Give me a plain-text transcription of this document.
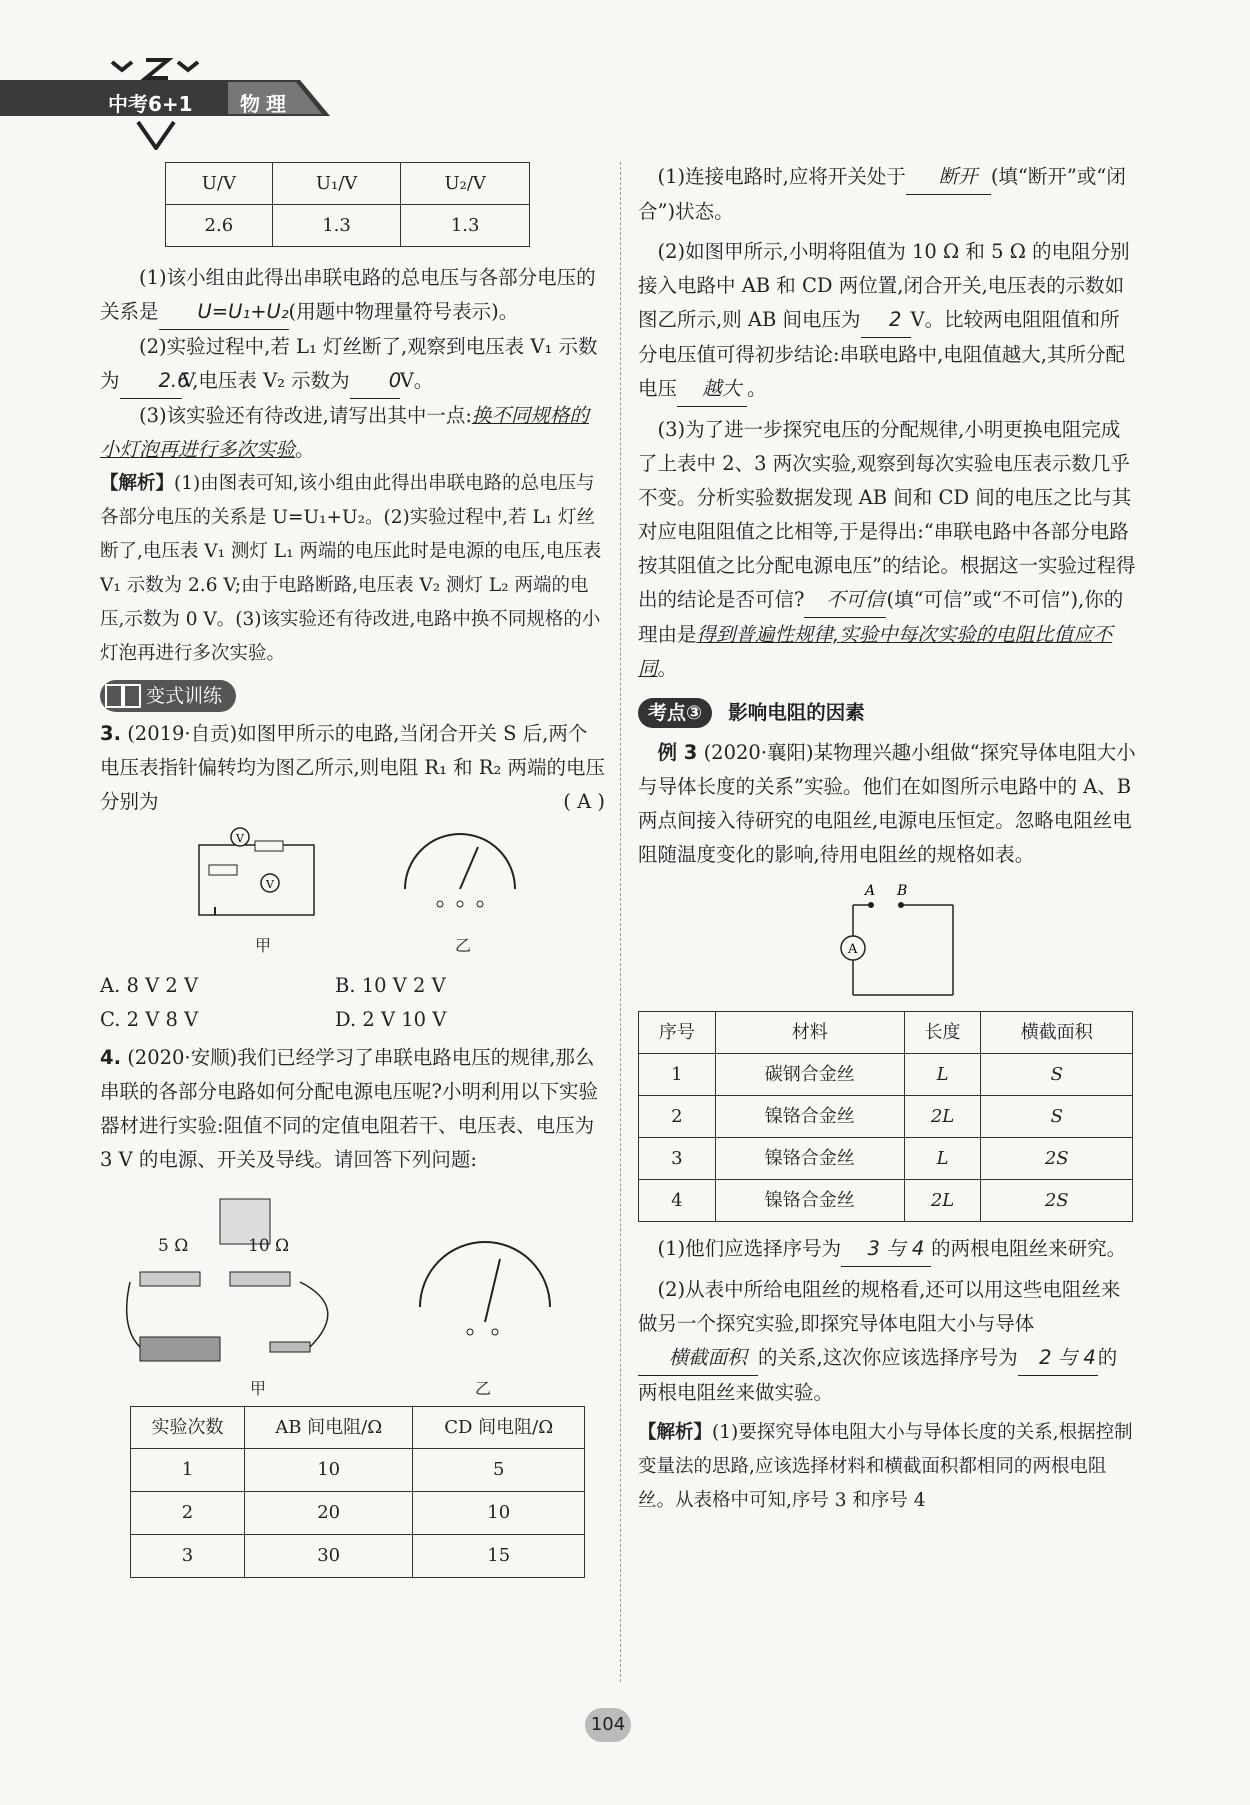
中考6+1 物理
U/V	U₁/V	U₂/V
2.6	1.3	1.3

(1)该小组由此得出串联电路的总电压与各部分电压的关系是 U=U₁+U₂(用题中物理量符号表示)。

(2)实验过程中,若 L₁ 灯丝断了,观察到电压表 V₁ 示数为 2.6V,电压表 V₂ 示数为 0V。

(3)该实验还有待改进,请写出其中一点:换不同规格的小灯泡再进行多次实验。

【解析】(1)由图表可知,该小组由此得出串联电路的总电压与各部分电压的关系是 U=U₁+U₂。(2)实验过程中,若 L₁ 灯丝断了,电压表 V₁ 测灯 L₁ 两端的电压此时是电源的电压,电压表 V₁ 示数为 2.6 V;由于电路断路,电压表 V₂ 测灯 L₂ 两端的电压,示数为 0 V。(3)该实验还有待改进,电路中换不同规格的小灯泡再进行多次实验。

变式训练

3. (2019·自贡)如图甲所示的电路,当闭合开关 S 后,两个电压表指针偏转均为图乙所示,则电阻 R₁ 和 R₂ 两端的电压分别为	( A )

V
V
甲	乙

A. 8 V 2 V	B. 10 V 2 V

C. 2 V 8 V	D. 2 V 10 V

4. (2020·安顺)我们已经学习了串联电路电压的规律,那么串联的各部分电路如何分配电源电压呢?小明利用以下实验器材进行实验:阻值不同的定值电阻若干、电压表、电压为 3 V 的电源、开关及导线。请回答下列问题:

5 Ω	10 Ω
甲	乙
实验次数	AB 间电阻/Ω	CD 间电阻/Ω
1	10	5
2	20	10
3	30	15

(1)连接电路时,应将开关处于 断开 (填“断开”或“闭合”)状态。

(2)如图甲所示,小明将阻值为 10 Ω 和 5 Ω 的电阻分别接入电路中 AB 和 CD 两位置,闭合开关,电压表的示数如图乙所示,则 AB 间电压为 2 V。比较两电阻阻值和所分电压值可得初步结论:串联电路中,电阻值越大,其所分配电压 越大 。

(3)为了进一步探究电压的分配规律,小明更换电阻完成了上表中 2、3 两次实验,观察到每次实验电压表示数几乎不变。分析实验数据发现 AB 间和 CD 间的电压之比与其对应电阻阻值之比相等,于是得出:“串联电路中各部分电路按其阻值之比分配电源电压”的结论。根据这一实验过程得出的结论是否可信? 不可信 (填“可信”或“不可信”),你的理由是得到普遍性规律,实验中每次实验的电阻比值应不同。

考点③ 影响电阻的因素

例 3 (2020·襄阳)某物理兴趣小组做“探究导体电阻大小与导体长度的关系”实验。他们在如图所示电路中的 A、B 两点间接入待研究的电阻丝,电源电压恒定。忽略电阻丝电阻随温度变化的影响,待用电阻丝的规格如表。

A
A B
序号	材料	长度	横截面积
1	碳钢合金丝	L	S
2	镍铬合金丝	2L	S
3	镍铬合金丝	L	2S
4	镍铬合金丝	2L	2S

(1)他们应选择序号为 3 与 4 的两根电阻丝来研究。

(2)从表中所给电阻丝的规格看,还可以用这些电阻丝来做另一个探究实验,即探究导体电阻大小与导体横截面积 的关系,这次你应该选择序号为 2 与 4的两根电阻丝来做实验。

【解析】(1)要探究导体电阻大小与导体长度的关系,根据控制变量法的思路,应该选择材料和横截面积都相同的两根电阻丝。从表格中可知,序号 3 和序号 4

104
